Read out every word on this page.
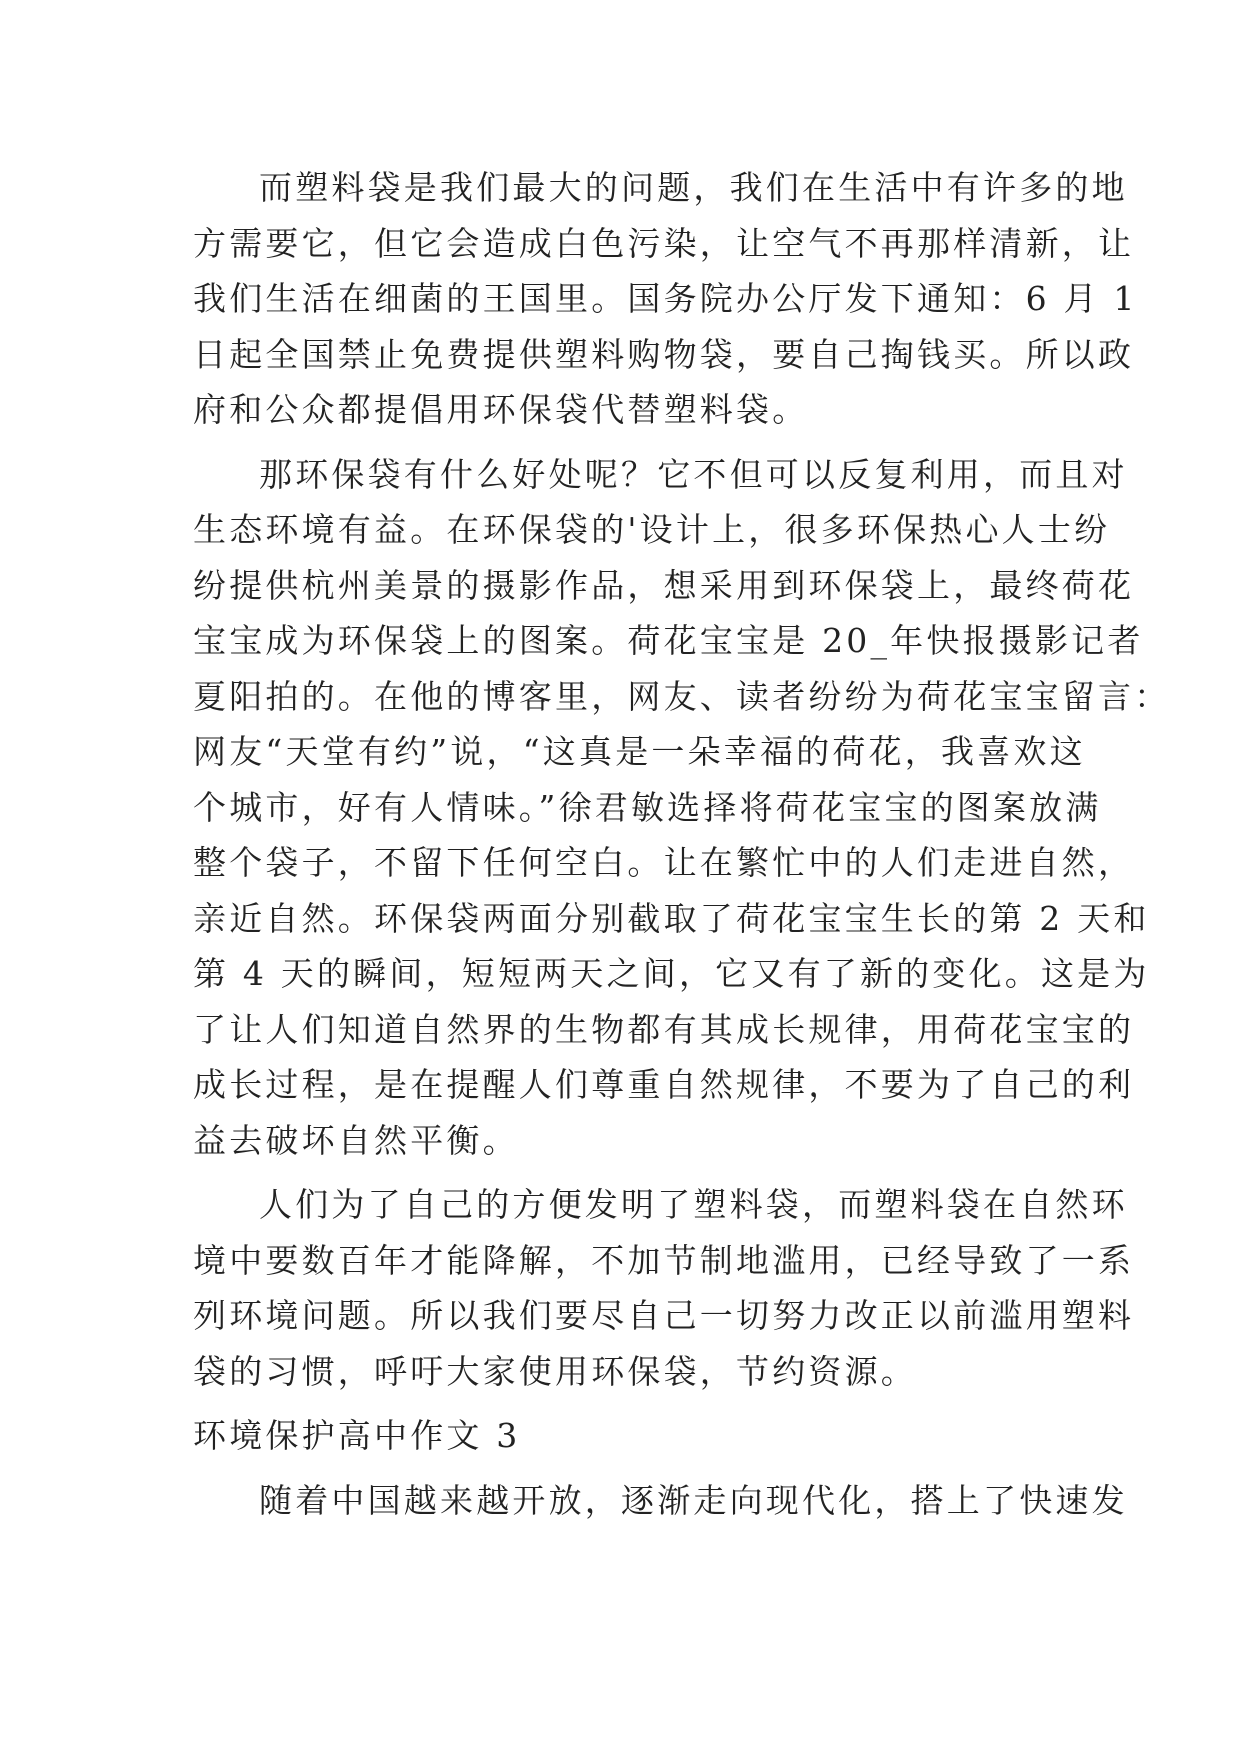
而塑料袋是我们最大的问题，我们在生活中有许多的地
方需要它，但它会造成白色污染，让空气不再那样清新，让
我们生活在细菌的王国里。国务院办公厅发下通知：6 月 1
日起全国禁止免费提供塑料购物袋，要自己掏钱买。所以政
府和公众都提倡用环保袋代替塑料袋。
那环保袋有什么好处呢？它不但可以反复利用，而且对
生态环境有益。在环保袋的'设计上，很多环保热心人士纷
纷提供杭州美景的摄影作品，想采用到环保袋上，最终荷花
宝宝成为环保袋上的图案。荷花宝宝是 20_年快报摄影记者
夏阳拍的。在他的博客里，网友、读者纷纷为荷花宝宝留言：
网友“天堂有约”说，“这真是一朵幸福的荷花，我喜欢这
个城市，好有人情味。”徐君敏选择将荷花宝宝的图案放满
整个袋子，不留下任何空白。让在繁忙中的人们走进自然，
亲近自然。环保袋两面分别截取了荷花宝宝生长的第 2 天和
第 4 天的瞬间，短短两天之间，它又有了新的变化。这是为
了让人们知道自然界的生物都有其成长规律，用荷花宝宝的
成长过程，是在提醒人们尊重自然规律，不要为了自己的利
益去破坏自然平衡。
人们为了自己的方便发明了塑料袋，而塑料袋在自然环
境中要数百年才能降解，不加节制地滥用，已经导致了一系
列环境问题。所以我们要尽自己一切努力改正以前滥用塑料
袋的习惯，呼吁大家使用环保袋，节约资源。
环境保护高中作文 3
随着中国越来越开放，逐渐走向现代化，搭上了快速发
